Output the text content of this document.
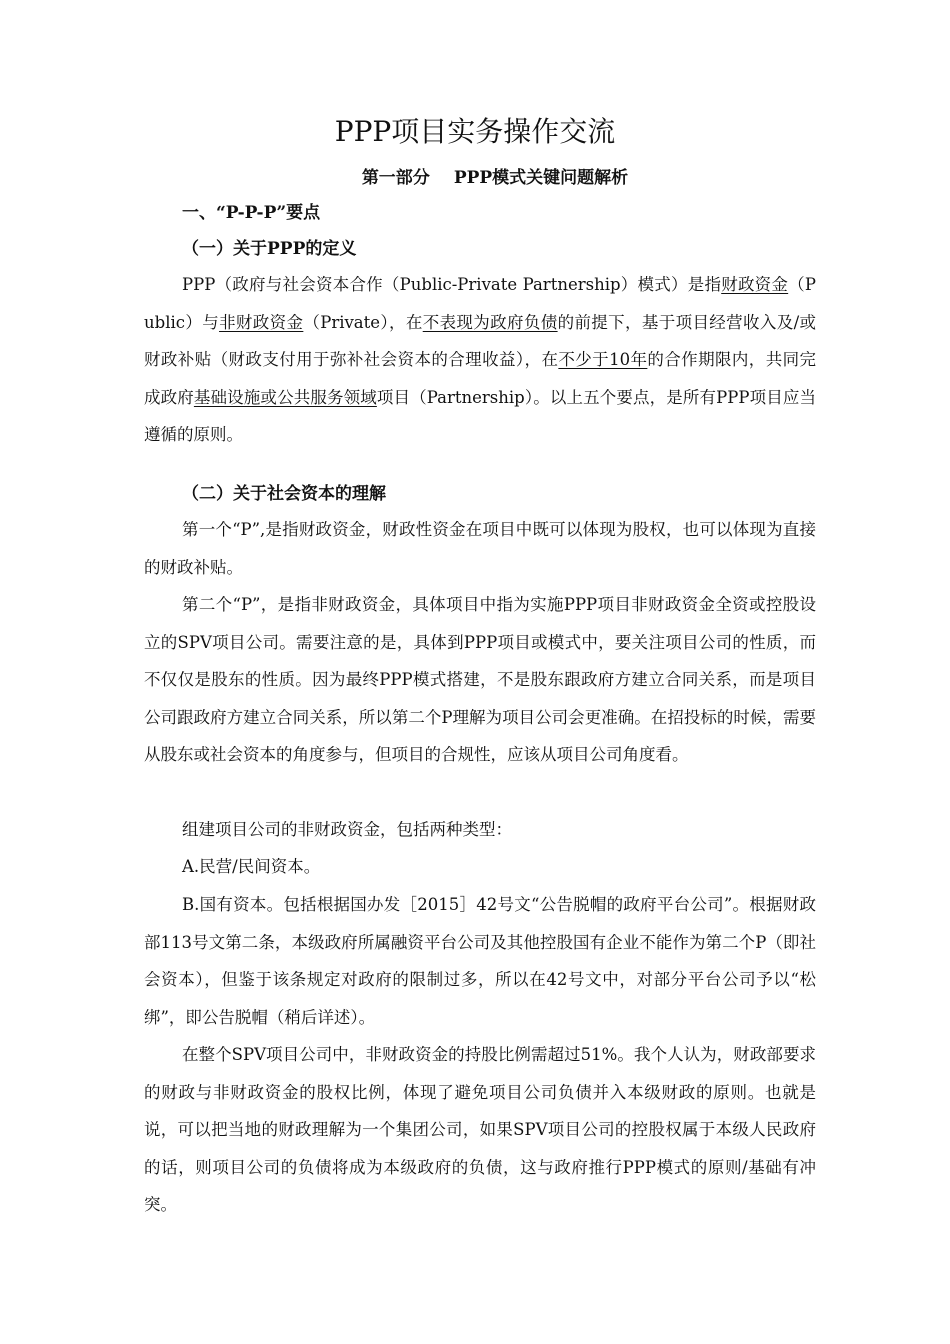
PPP项目实务操作交流
第一部分 PPP模式关键问题解析
一、“P-P-P”要点
（一）关于PPP的定义

PPP（政府与社会资本合作（Public-Private Partnership）模式）是指财政资金（Public）与非财政资金（Private），在不表现为政府负债的前提下，基于项目经营收入及/或财政补贴（财政支付用于弥补社会资本的合理收益），在不少于10年的合作期限内，共同完成政府基础设施或公共服务领域项目（Partnership）。以上五个要点，是所有PPP项目应当遵循的原则。

（二）关于社会资本的理解

第一个“P”,是指财政资金，财政性资金在项目中既可以体现为股权，也可以体现为直接的财政补贴。

第二个“P”，是指非财政资金，具体项目中指为实施PPP项目非财政资金全资或控股设立的SPV项目公司。需要注意的是，具体到PPP项目或模式中，要关注项目公司的性质，而不仅仅是股东的性质。因为最终PPP模式搭建，不是股东跟政府方建立合同关系，而是项目公司跟政府方建立合同关系，所以第二个P理解为项目公司会更准确。在招投标的时候，需要从股东或社会资本的角度参与，但项目的合规性，应该从项目公司角度看。

组建项目公司的非财政资金，包括两种类型：

A.民营/民间资本。

B.国有资本。包括根据国办发［2015］42号文“公告脱帽的政府平台公司”。根据财政部113号文第二条，本级政府所属融资平台公司及其他控股国有企业不能作为第二个P（即社会资本），但鉴于该条规定对政府的限制过多，所以在42号文中，对部分平台公司予以“松绑”，即公告脱帽（稍后详述）。

在整个SPV项目公司中，非财政资金的持股比例需超过51%。我个人认为，财政部要求的财政与非财政资金的股权比例，体现了避免项目公司负债并入本级财政的原则。也就是说，可以把当地的财政理解为一个集团公司，如果SPV项目公司的控股权属于本级人民政府的话，则项目公司的负债将成为本级政府的负债，这与政府推行PPP模式的原则/基础有冲突。
